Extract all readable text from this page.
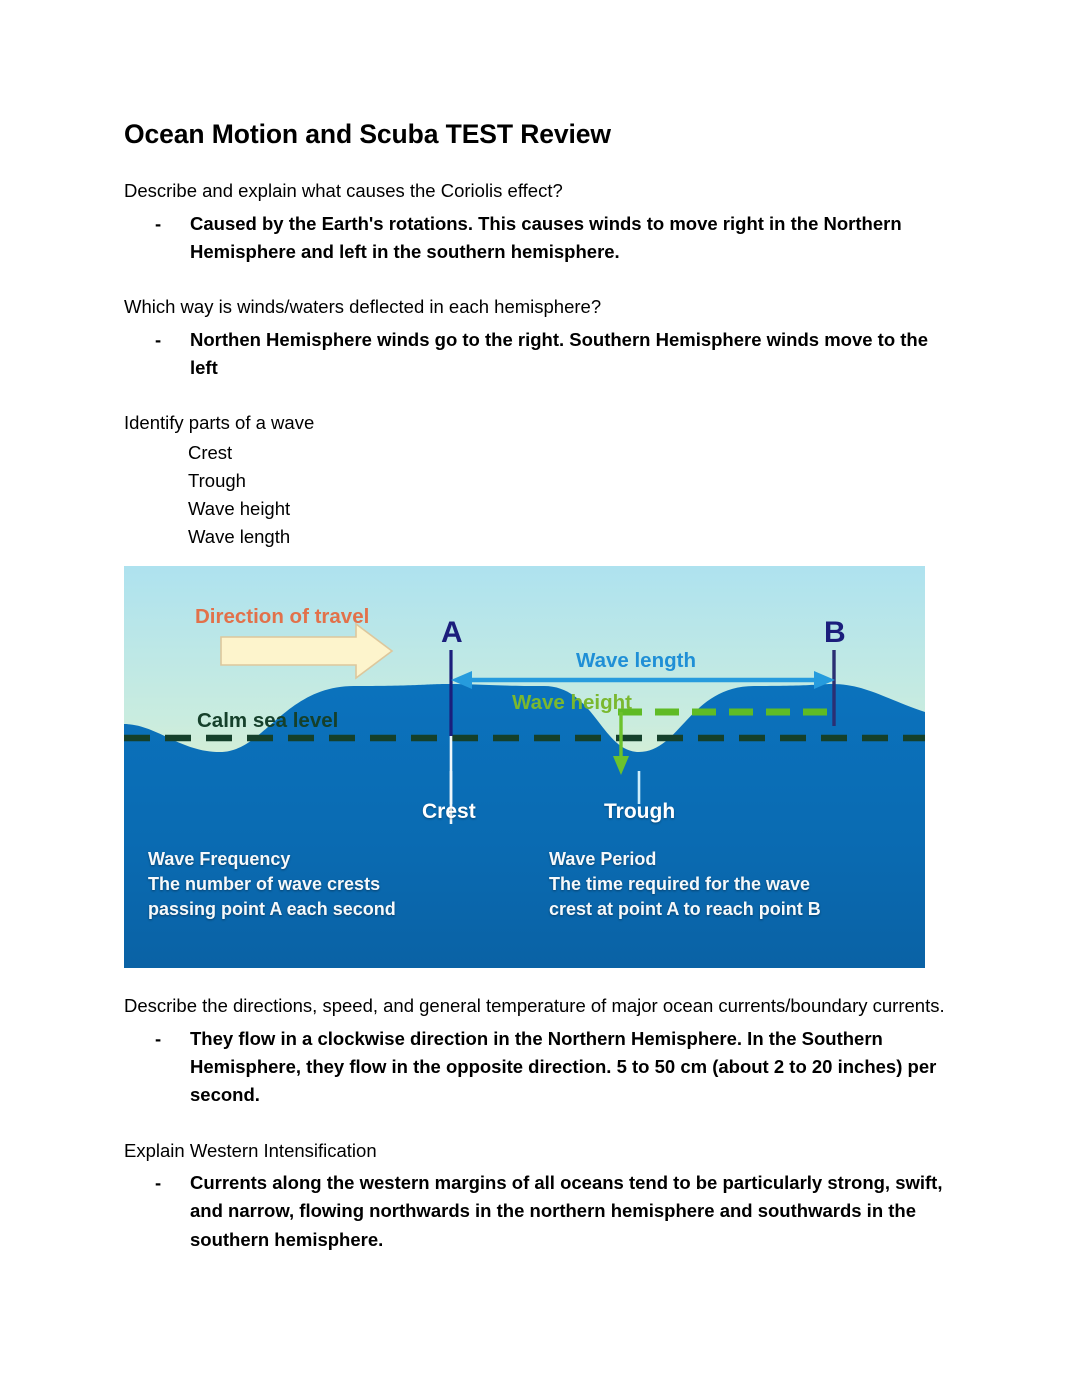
Ocean Motion and Scuba TEST Review

Describe and explain what causes the Coriolis effect?

-	Caused by the Earth's rotations. This causes winds to move right in the Northern Hemisphere and left in the southern hemisphere.

Which way is winds/waters deflected in each hemisphere?

-	Northen Hemisphere winds go to the right. Southern Hemisphere winds move to the left

Identify parts of a wave

Crest
Trough
Wave height
Wave length
Direction of travel
Calm sea level
A	B
Wave length
Wave height
Crest	Trough
Wave Frequency
The number of wave crests
passing point A each second
Wave Period
The time required for the wave
crest at point A to reach point B

Describe the directions, speed, and general temperature of major ocean currents/boundary currents.

-	They flow in a clockwise direction in the Northern Hemisphere. In the Southern Hemisphere, they flow in the opposite direction. 5 to 50 cm (about 2 to 20 inches) per second.

Explain Western Intensification

-	Currents along the western margins of all oceans tend to be particularly strong, swift, and narrow, flowing northwards in the northern hemisphere and southwards in the southern hemisphere.
